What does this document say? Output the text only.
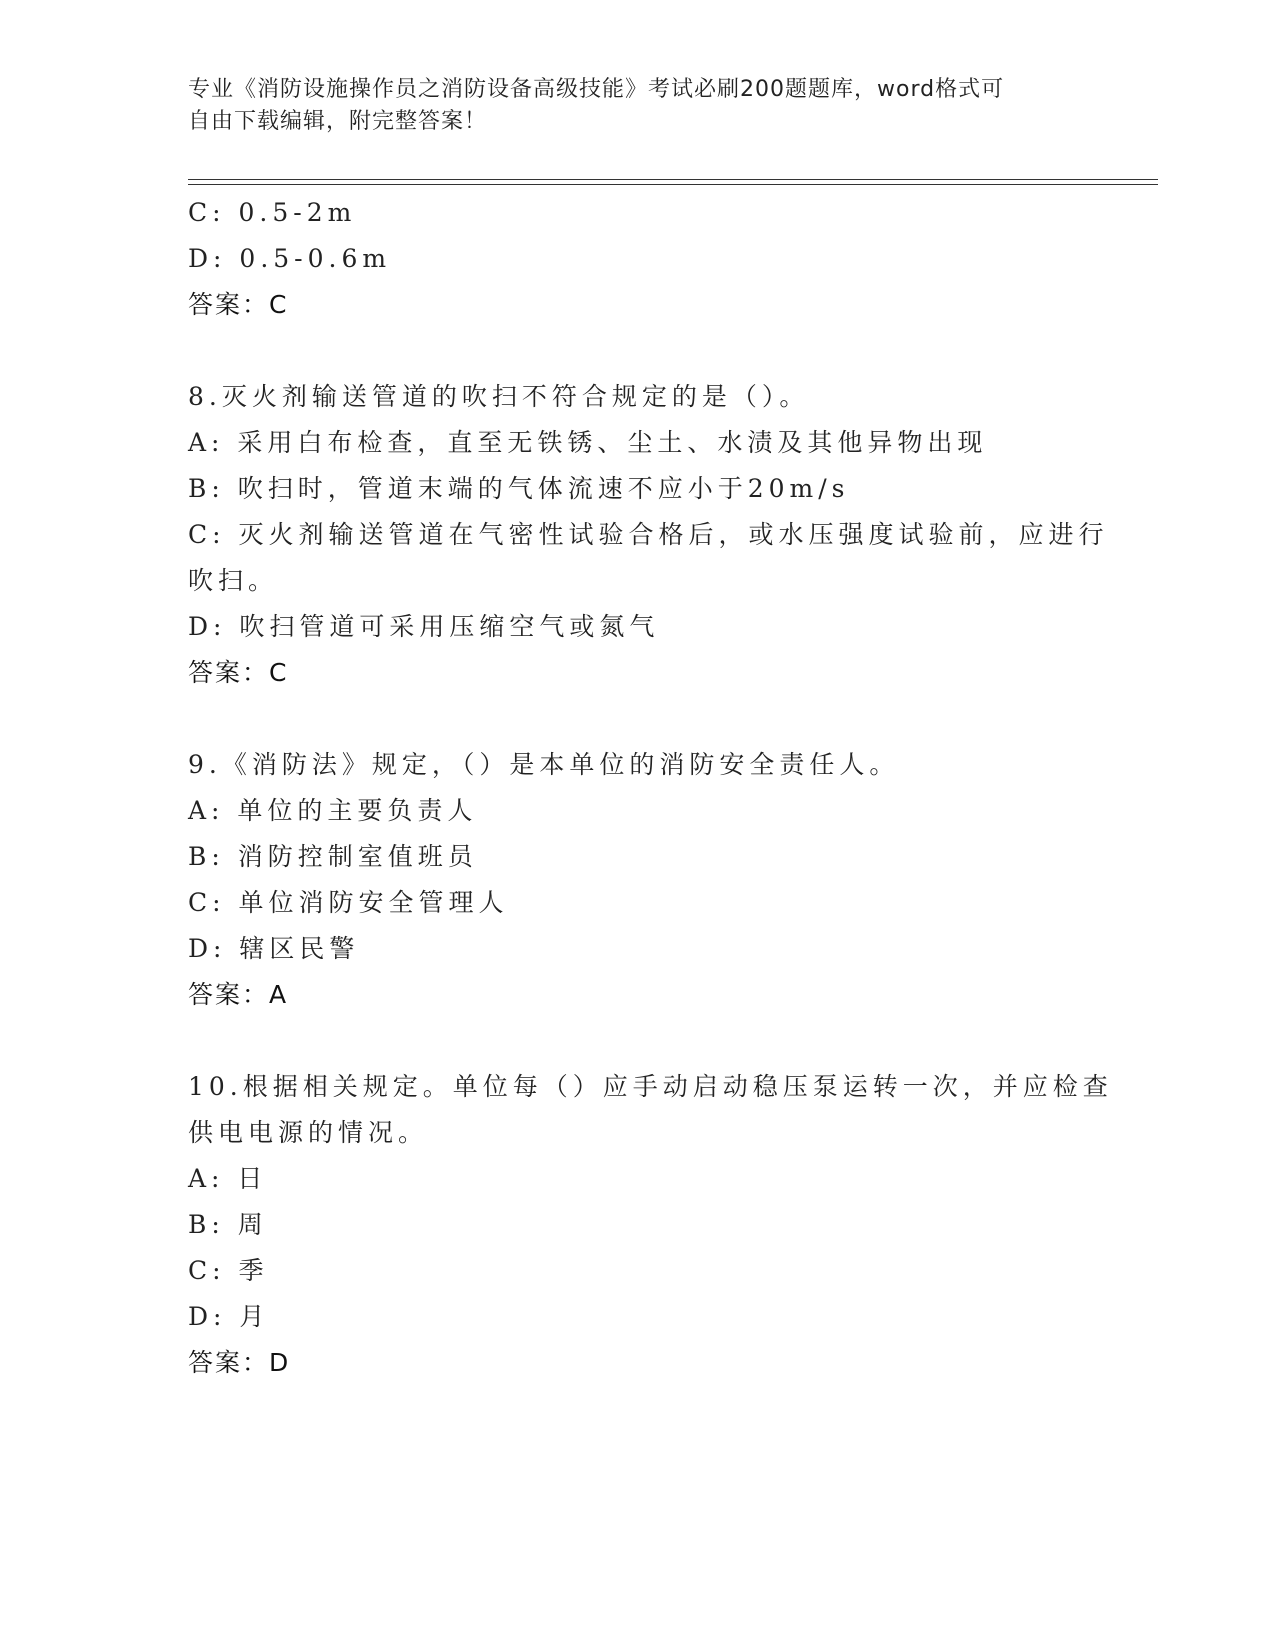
专业《消防设施操作员之消防设备高级技能》考试必刷200题题库，word格式可
自由下载编辑，附完整答案！
C: 0.5-2m
D: 0.5-0.6m
答案：C
8.灭火剂输送管道的吹扫不符合规定的是（）。
A: 采用白布检查，直至无铁锈、尘土、水渍及其他异物出现
B: 吹扫时，管道末端的气体流速不应小于20m/s
C: 灭火剂输送管道在气密性试验合格后，或水压强度试验前，应进行
吹扫。
D: 吹扫管道可采用压缩空气或氮气
答案：C
9.《消防法》规定，（）是本单位的消防安全责任人。
A: 单位的主要负责人
B: 消防控制室值班员
C: 单位消防安全管理人
D: 辖区民警
答案：A
10.根据相关规定。单位每（）应手动启动稳压泵运转一次，并应检查
供电电源的情况。
A: 日
B: 周
C: 季
D: 月
答案：D
